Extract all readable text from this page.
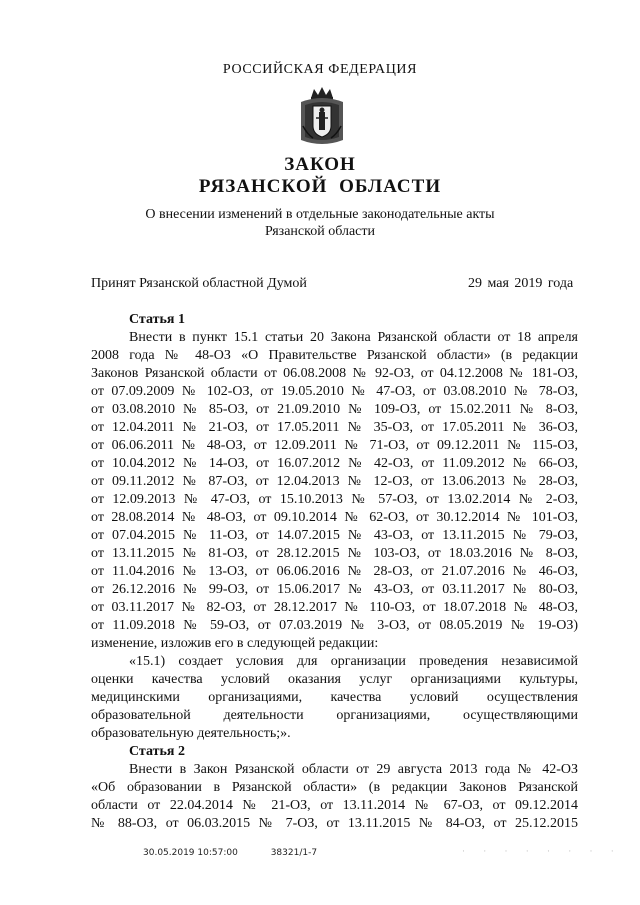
РОССИЙСКАЯ ФЕДЕРАЦИЯ
ЗАКОН
РЯЗАНСКОЙ ОБЛАСТИ
О внесении изменений в отдельные законодательные акты
Рязанской области
Принят Рязанской областной Думой	29 мая 2019 года
Статья 1
Внести в пункт 15.1 статьи 20 Закона Рязанской области от 18 апреля
2008 года № 48-ОЗ «О Правительстве Рязанской области» (в редакции
Законов Рязанской области от 06.08.2008 № 92-ОЗ, от 04.12.2008 № 181-ОЗ,
от 07.09.2009 № 102-ОЗ, от 19.05.2010 № 47-ОЗ, от 03.08.2010 № 78-ОЗ,
от 03.08.2010 № 85-ОЗ, от 21.09.2010 № 109-ОЗ, от 15.02.2011 № 8-ОЗ,
от 12.04.2011 № 21-ОЗ, от 17.05.2011 № 35-ОЗ, от 17.05.2011 № 36-ОЗ,
от 06.06.2011 № 48-ОЗ, от 12.09.2011 № 71-ОЗ, от 09.12.2011 № 115-ОЗ,
от 10.04.2012 № 14-ОЗ, от 16.07.2012 № 42-ОЗ, от 11.09.2012 № 66-ОЗ,
от 09.11.2012 № 87-ОЗ, от 12.04.2013 № 12-ОЗ, от 13.06.2013 № 28-ОЗ,
от 12.09.2013 № 47-ОЗ, от 15.10.2013 № 57-ОЗ, от 13.02.2014 № 2-ОЗ,
от 28.08.2014 № 48-ОЗ, от 09.10.2014 № 62-ОЗ, от 30.12.2014 № 101-ОЗ,
от 07.04.2015 № 11-ОЗ, от 14.07.2015 № 43-ОЗ, от 13.11.2015 № 79-ОЗ,
от 13.11.2015 № 81-ОЗ, от 28.12.2015 № 103-ОЗ, от 18.03.2016 № 8-ОЗ,
от 11.04.2016 № 13-ОЗ, от 06.06.2016 № 28-ОЗ, от 21.07.2016 № 46-ОЗ,
от 26.12.2016 № 99-ОЗ, от 15.06.2017 № 43-ОЗ, от 03.11.2017 № 80-ОЗ,
от 03.11.2017 № 82-ОЗ, от 28.12.2017 № 110-ОЗ, от 18.07.2018 № 48-ОЗ,
от 11.09.2018 № 59-ОЗ, от 07.03.2019 № 3-ОЗ, от 08.05.2019 № 19-ОЗ)
изменение, изложив его в следующей редакции:
«15.1) создает условия для организации проведения независимой
оценки качества условий оказания услуг организациями культуры,
медицинскими организациями, качества условий осуществления
образовательной деятельности организациями, осуществляющими
образовательную деятельность;».
Статья 2
Внести в Закон Рязанской области от 29 августа 2013 года № 42-ОЗ
«Об образовании в Рязанской области» (в редакции Законов Рязанской
области от 22.04.2014 № 21-ОЗ, от 13.11.2014 № 67-ОЗ, от 09.12.2014
№ 88-ОЗ, от 06.03.2015 № 7-ОЗ, от 13.11.2015 № 84-ОЗ, от 25.12.2015
30.05.2019 10:57:00	38321/1-7	· · · · · · · ·
